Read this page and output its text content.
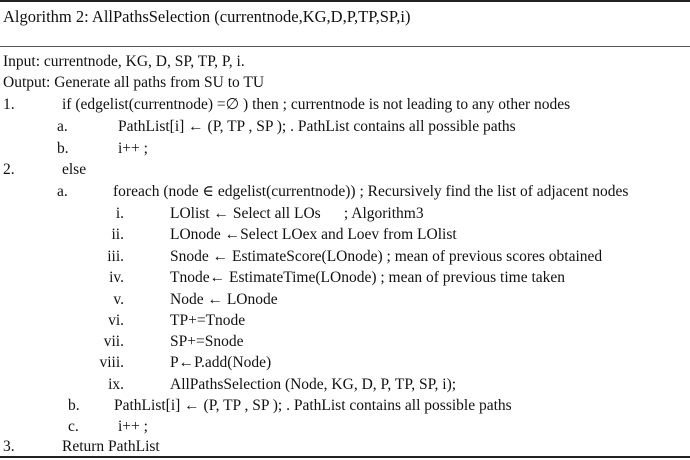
Algorithm 2: AllPathsSelection (currentnode,KG,D,P,TP,SP,i)
Input: currentnode, KG, D, SP, TP, P, i.
Output: Generate all paths from SU to TU
1.	if (edgelist(currentnode) =∅ ) then ; currentnode is not leading to any other nodes
a.	PathList[i] ← (P, TP , SP ); . PathList contains all possible paths
b.	i++ ;
2.	else
a.	foreach (node ∈ edgelist(currentnode)) ; Recursively find the list of adjacent nodes
i.	LOlist ← Select all LOs      ; Algorithm3
ii.	LOnode ←Select LOex and Loev from LOlist
iii.	Snode ← EstimateScore(LOnode) ; mean of previous scores obtained
iv.	Tnode← EstimateTime(LOnode) ; mean of previous time taken
v.	Node ← LOnode
vi.	TP+=Tnode
vii.	SP+=Snode
viii.	P←P.add(Node)
ix.	AllPathsSelection (Node, KG, D, P, TP, SP, i);
b. PathList[i] ← (P, TP , SP ); . PathList contains all possible paths
c.	i++ ;
3.	Return PathList
